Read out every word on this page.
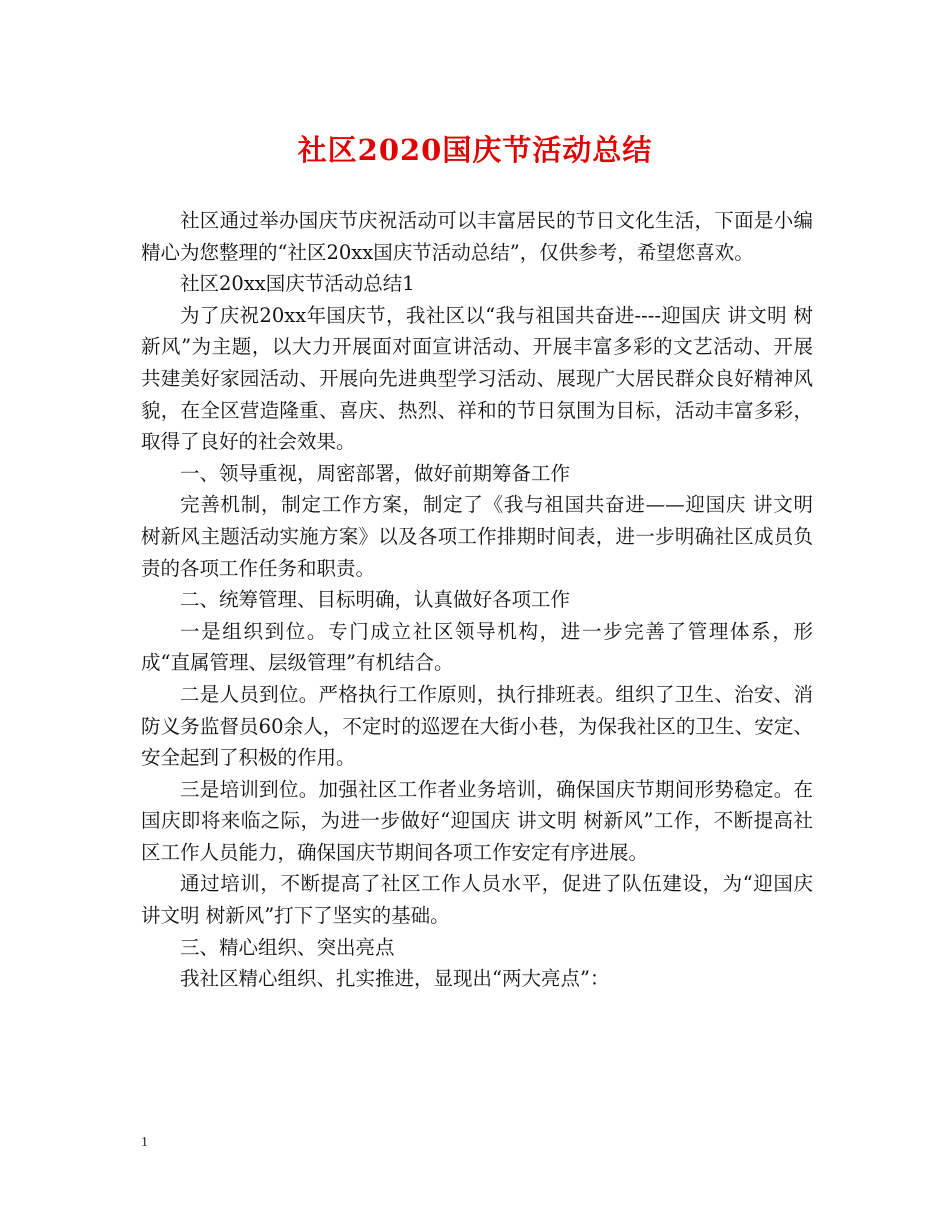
社区2020国庆节活动总结

社区通过举办国庆节庆祝活动可以丰富居民的节日文化生活，下面是小编精心为您整理的“社区20xx国庆节活动总结”，仅供参考，希望您喜欢。

社区20xx国庆节活动总结1

为了庆祝20xx年国庆节，我社区以“我与祖国共奋进----迎国庆 讲文明 树新风”为主题，以大力开展面对面宣讲活动、开展丰富多彩的文艺活动、开展共建美好家园活动、开展向先进典型学习活动、展现广大居民群众良好精神风貌，在全区营造隆重、喜庆、热烈、祥和的节日氛围为目标，活动丰富多彩，取得了良好的社会效果。

一、领导重视，周密部署，做好前期筹备工作

完善机制，制定工作方案，制定了《我与祖国共奋进——迎国庆 讲文明 树新风主题活动实施方案》以及各项工作排期时间表，进一步明确社区成员负责的各项工作任务和职责。

二、统筹管理、目标明确，认真做好各项工作

一是组织到位。专门成立社区领导机构，进一步完善了管理体系，形成“直属管理、层级管理”有机结合。

二是人员到位。严格执行工作原则，执行排班表。组织了卫生、治安、消防义务监督员60余人，不定时的巡逻在大街小巷，为保我社区的卫生、安定、安全起到了积极的作用。

三是培训到位。加强社区工作者业务培训，确保国庆节期间形势稳定。在国庆即将来临之际，为进一步做好“迎国庆 讲文明 树新风”工作，不断提高社区工作人员能力，确保国庆节期间各项工作安定有序进展。

通过培训，不断提高了社区工作人员水平，促进了队伍建设，为“迎国庆 讲文明 树新风”打下了坚实的基础。

三、精心组织、突出亮点

我社区精心组织、扎实推进，显现出“两大亮点”：

1
